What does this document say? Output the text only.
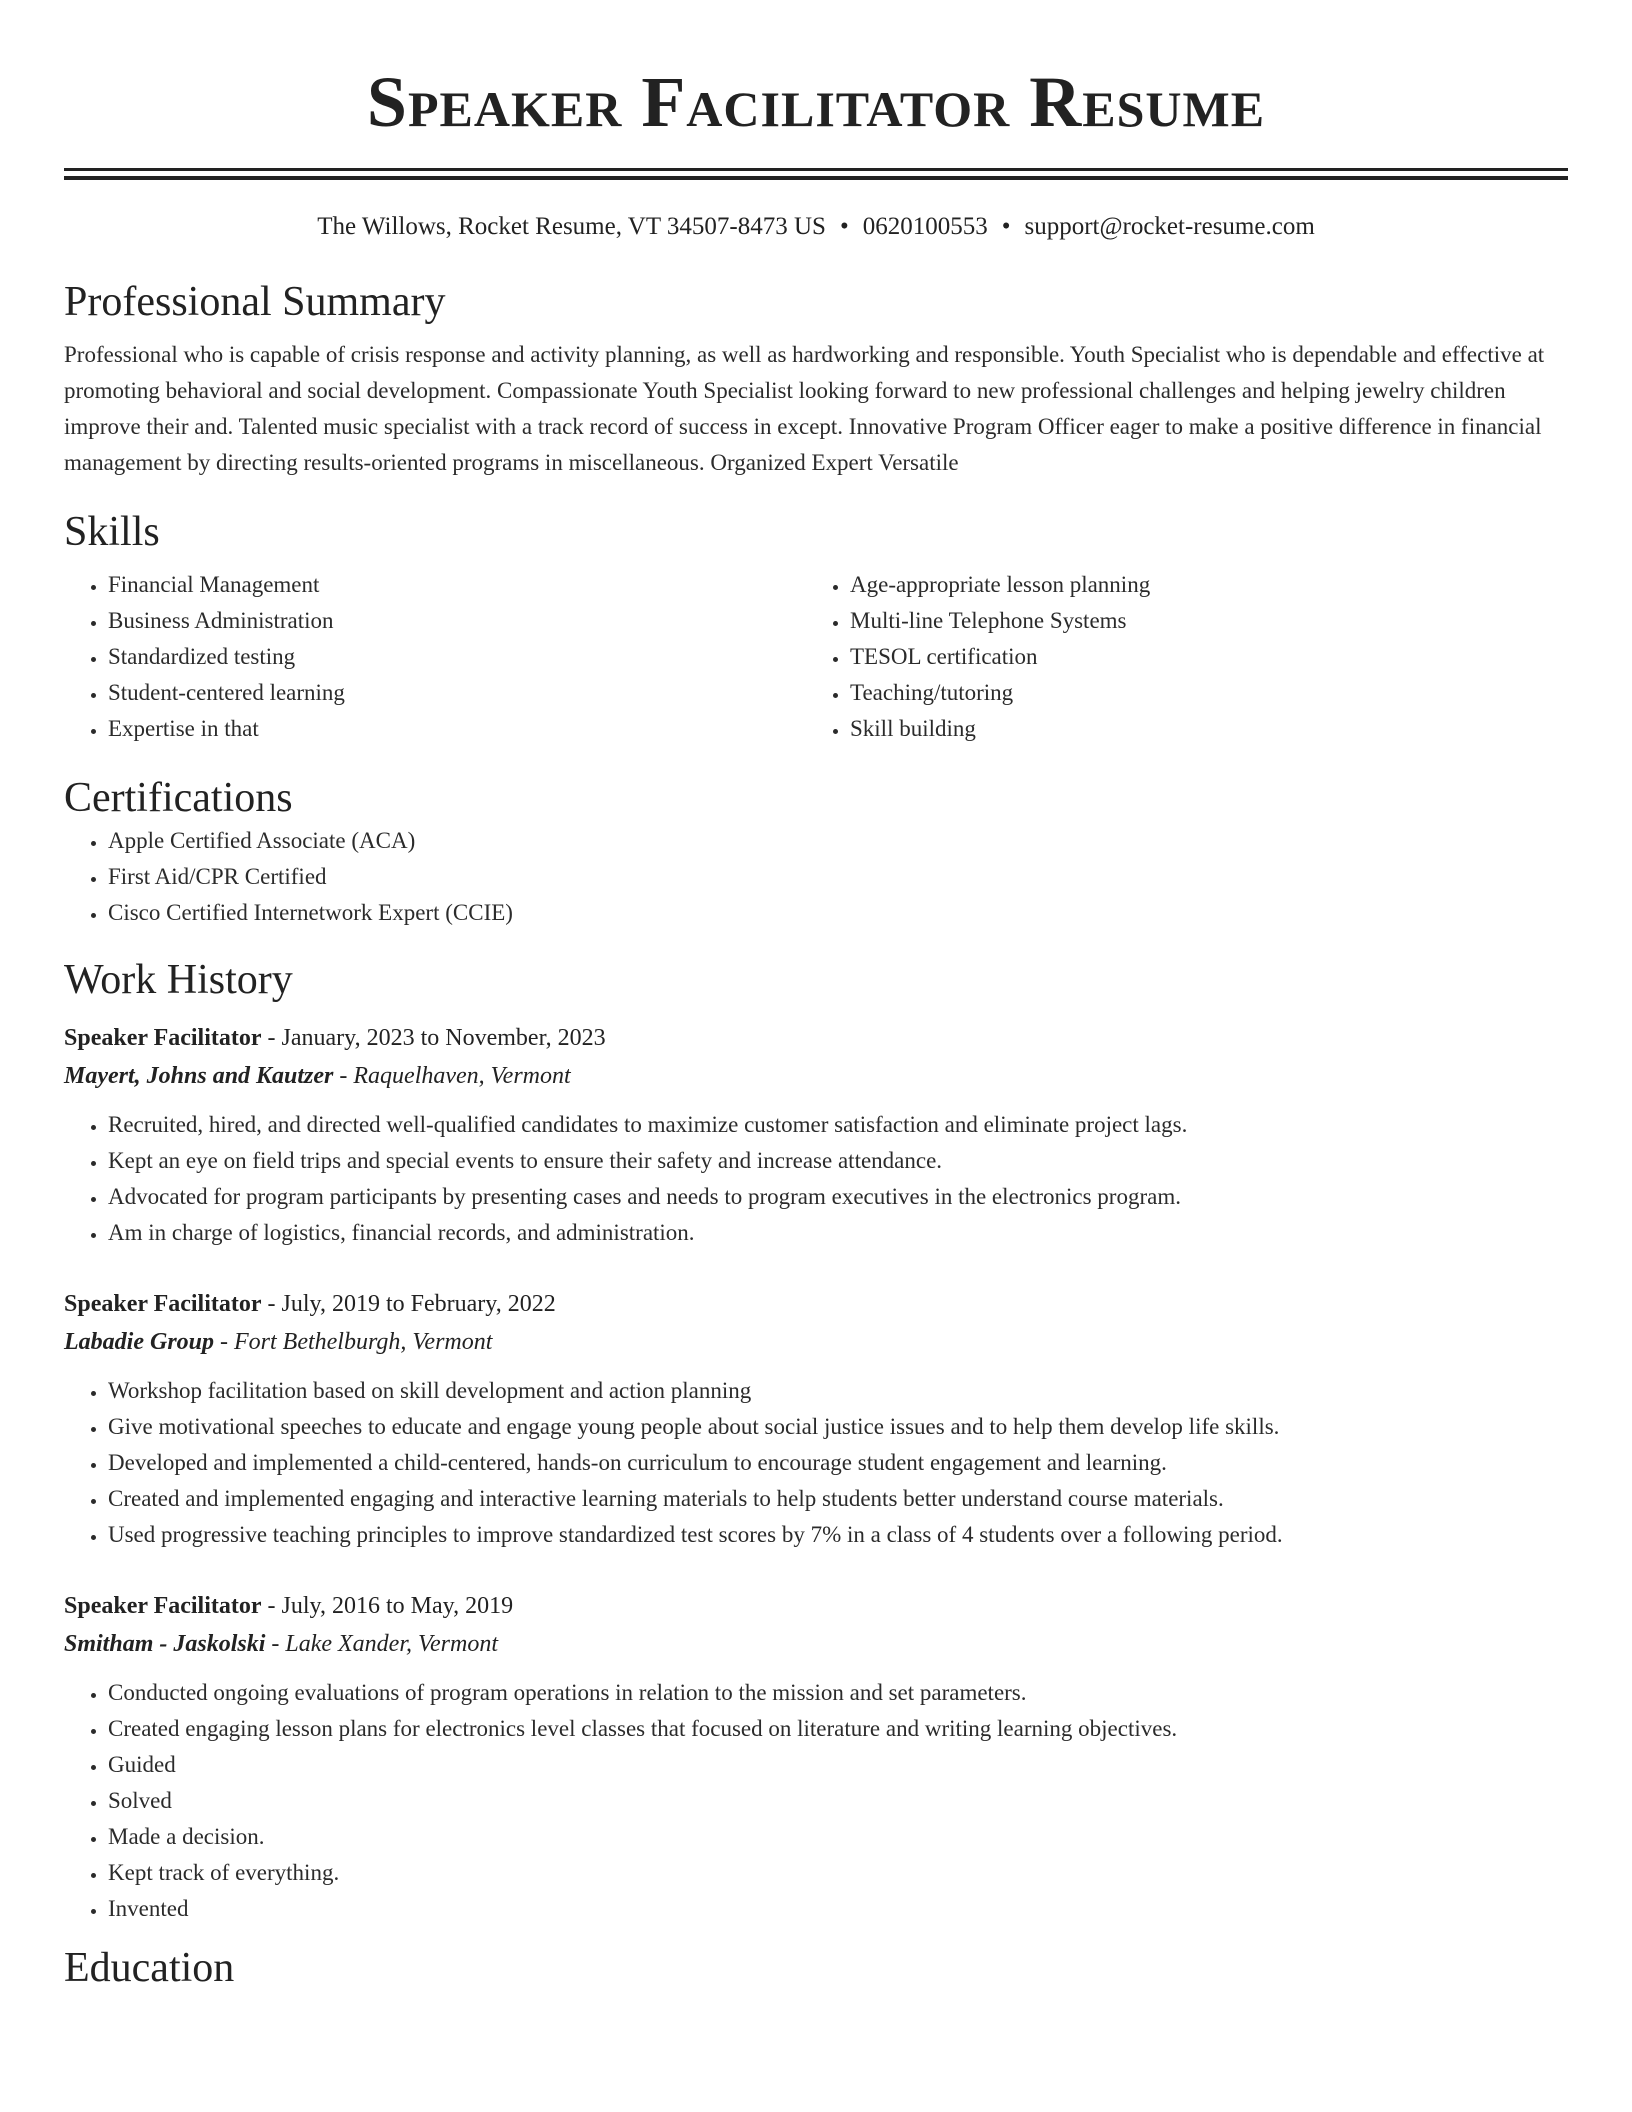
Speaker Facilitator Resume
The Willows, Rocket Resume, VT 34507-8473 US • 0620100553 • support@rocket-resume.com
Professional Summary
Professional who is capable of crisis response and activity planning, as well as hardworking and responsible. Youth Specialist who is dependable and effective at promoting behavioral and social development. Compassionate Youth Specialist looking forward to new professional challenges and helping jewelry children improve their and. Talented music specialist with a track record of success in except. Innovative Program Officer eager to make a positive difference in financial management by directing results-oriented programs in miscellaneous. Organized Expert Versatile
Skills
• Financial Management
• Business Administration
• Standardized testing
• Student-centered learning
• Expertise in that
• Age-appropriate lesson planning
• Multi-line Telephone Systems
• TESOL certification
• Teaching/tutoring
• Skill building
Certifications
• Apple Certified Associate (ACA)
• First Aid/CPR Certified
• Cisco Certified Internetwork Expert (CCIE)
Work History
Speaker Facilitator - January, 2023 to November, 2023
Mayert, Johns and Kautzer - Raquelhaven, Vermont
• Recruited, hired, and directed well-qualified candidates to maximize customer satisfaction and eliminate project lags.
• Kept an eye on field trips and special events to ensure their safety and increase attendance.
• Advocated for program participants by presenting cases and needs to program executives in the electronics program.
• Am in charge of logistics, financial records, and administration.
Speaker Facilitator - July, 2019 to February, 2022
Labadie Group - Fort Bethelburgh, Vermont
• Workshop facilitation based on skill development and action planning
• Give motivational speeches to educate and engage young people about social justice issues and to help them develop life skills.
• Developed and implemented a child-centered, hands-on curriculum to encourage student engagement and learning.
• Created and implemented engaging and interactive learning materials to help students better understand course materials.
• Used progressive teaching principles to improve standardized test scores by 7% in a class of 4 students over a following period.
Speaker Facilitator - July, 2016 to May, 2019
Smitham - Jaskolski - Lake Xander, Vermont
• Conducted ongoing evaluations of program operations in relation to the mission and set parameters.
• Created engaging lesson plans for electronics level classes that focused on literature and writing learning objectives.
• Guided
• Solved
• Made a decision.
• Kept track of everything.
• Invented
Education
